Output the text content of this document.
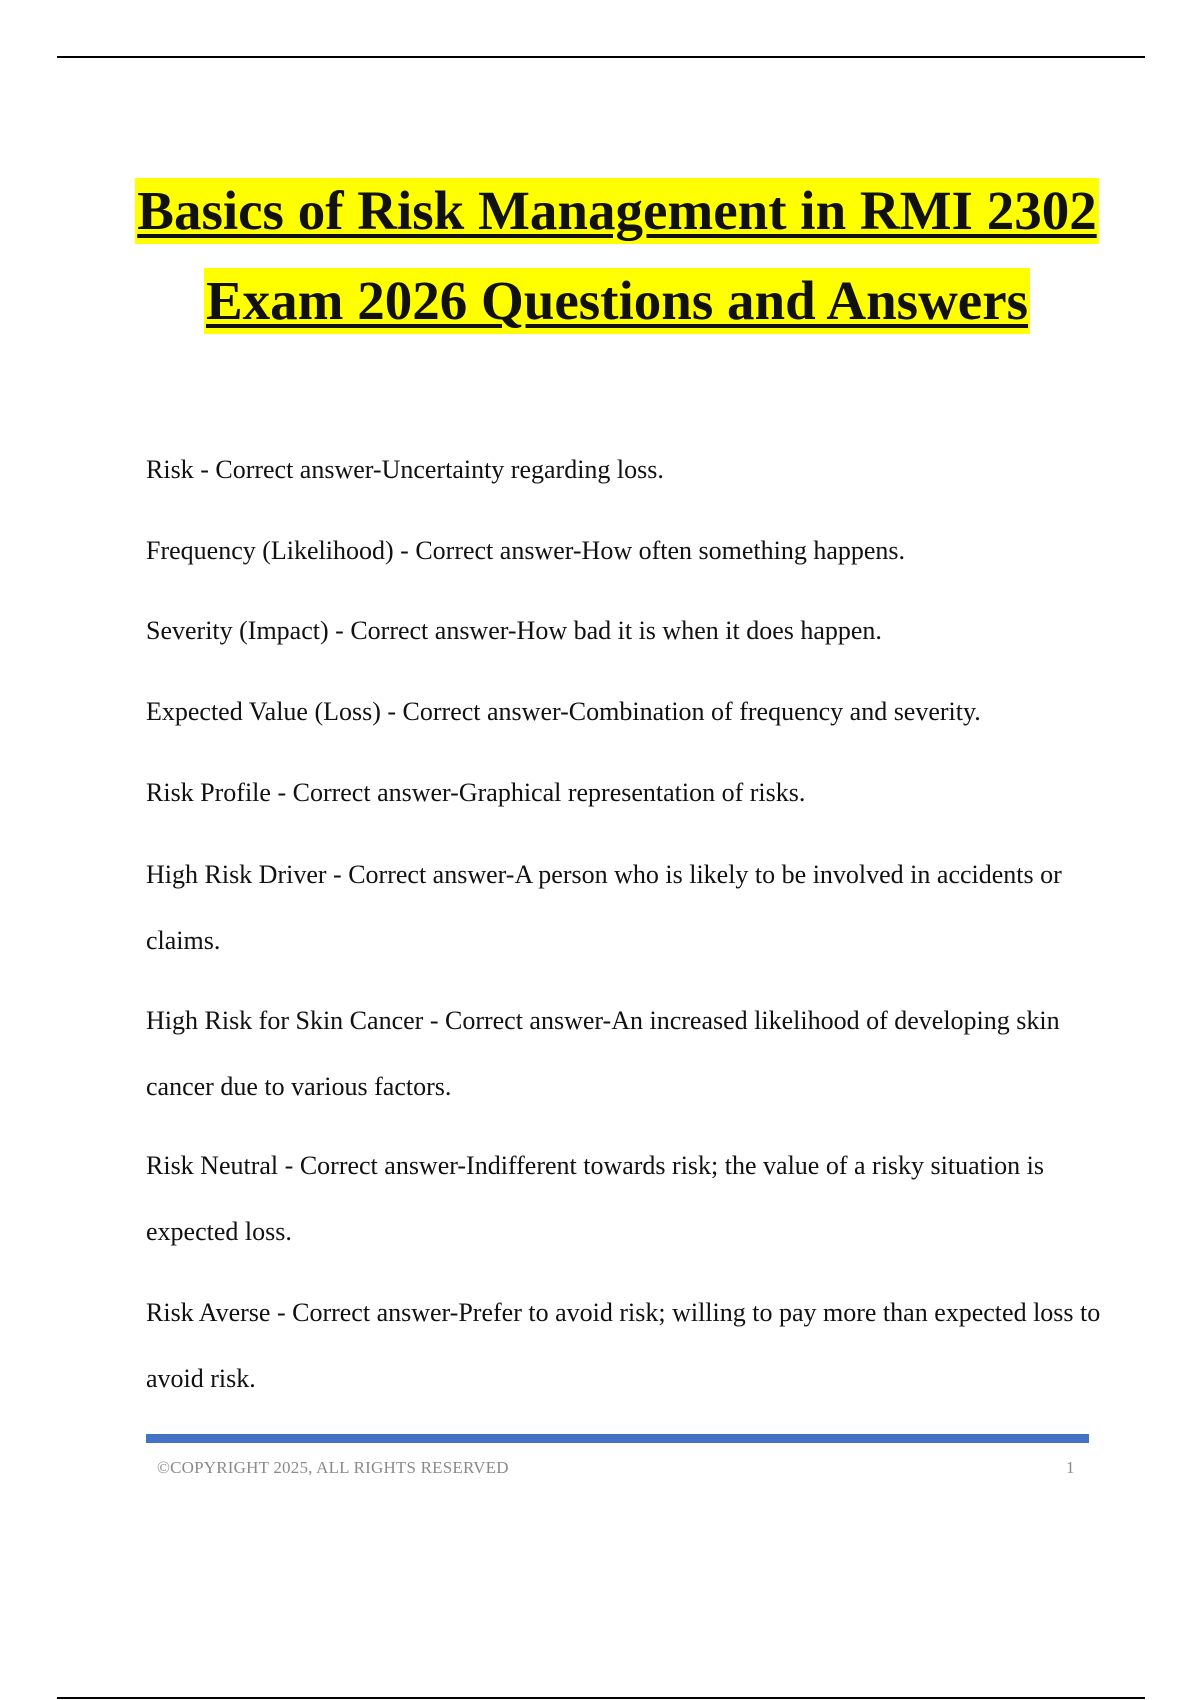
Basics of Risk Management in RMI 2302
Exam 2026 Questions and Answers

Risk - Correct answer-Uncertainty regarding loss.

Frequency (Likelihood) - Correct answer-How often something happens.

Severity (Impact) - Correct answer-How bad it is when it does happen.

Expected Value (Loss) - Correct answer-Combination of frequency and severity.

Risk Profile - Correct answer-Graphical representation of risks.

High Risk Driver - Correct answer-A person who is likely to be involved in accidents or claims.

High Risk for Skin Cancer - Correct answer-An increased likelihood of developing skin cancer due to various factors.

Risk Neutral - Correct answer-Indifferent towards risk; the value of a risky situation is expected loss.

Risk Averse - Correct answer-Prefer to avoid risk; willing to pay more than expected loss to avoid risk.

©COPYRIGHT 2025, ALL RIGHTS RESERVED	1
